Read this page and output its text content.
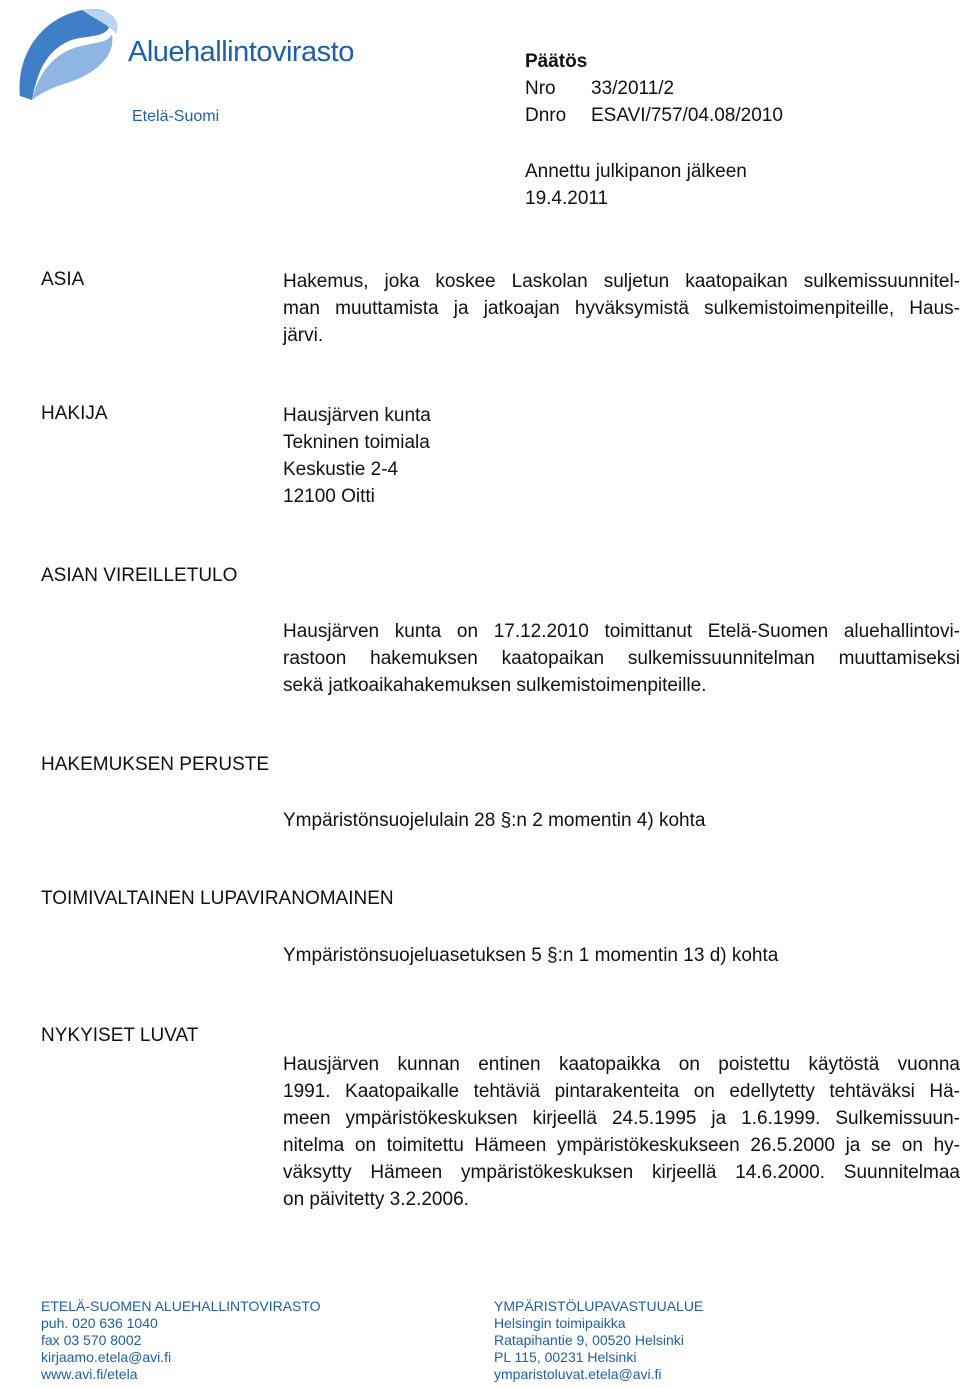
Aluehallintovirasto
Etelä-Suomi
Päätös
Nro 33/2011/2
Dnro ESAVI/757/04.08/2010
Annettu julkipanon jälkeen
19.4.2011
ASIA	Hakemus, joka koskee Laskolan suljetun kaatopaikan sulkemissuunnitel-
man muuttamista ja jatkoajan hyväksymistä sulkemistoimenpiteille, Haus-
järvi.
HAKIJA	Hausjärven kunta
Tekninen toimiala
Keskustie 2-4
12100 Oitti
ASIAN VIREILLETULO
Hausjärven kunta on 17.12.2010 toimittanut Etelä-Suomen aluehallintovi-
rastoon hakemuksen kaatopaikan sulkemissuunnitelman muuttamiseksi
sekä jatkoaikahakemuksen sulkemistoimenpiteille.
HAKEMUKSEN PERUSTE
Ympäristönsuojelulain 28 §:n 2 momentin 4) kohta
TOIMIVALTAINEN LUPAVIRANOMAINEN
Ympäristönsuojeluasetuksen 5 §:n 1 momentin 13 d) kohta
NYKYISET LUVAT
Hausjärven kunnan entinen kaatopaikka on poistettu käytöstä vuonna
1991. Kaatopaikalle tehtäviä pintarakenteita on edellytetty tehtäväksi Hä-
meen ympäristökeskuksen kirjeellä 24.5.1995 ja 1.6.1999. Sulkemissuun-
nitelma on toimitettu Hämeen ympäristökeskukseen 26.5.2000 ja se on hy-
väksytty Hämeen ympäristökeskuksen kirjeellä 14.6.2000. Suunnitelmaa
on päivitetty 3.2.2006.
ETELÄ-SUOMEN ALUEHALLINTOVIRASTO
puh. 020 636 1040
fax 03 570 8002
kirjaamo.etela@avi.fi
www.avi.fi/etela
YMPÄRISTÖLUPAVASTUUALUE
Helsingin toimipaikka
Ratapihantie 9, 00520 Helsinki
PL 115, 00231 Helsinki
ymparistoluvat.etela@avi.fi
